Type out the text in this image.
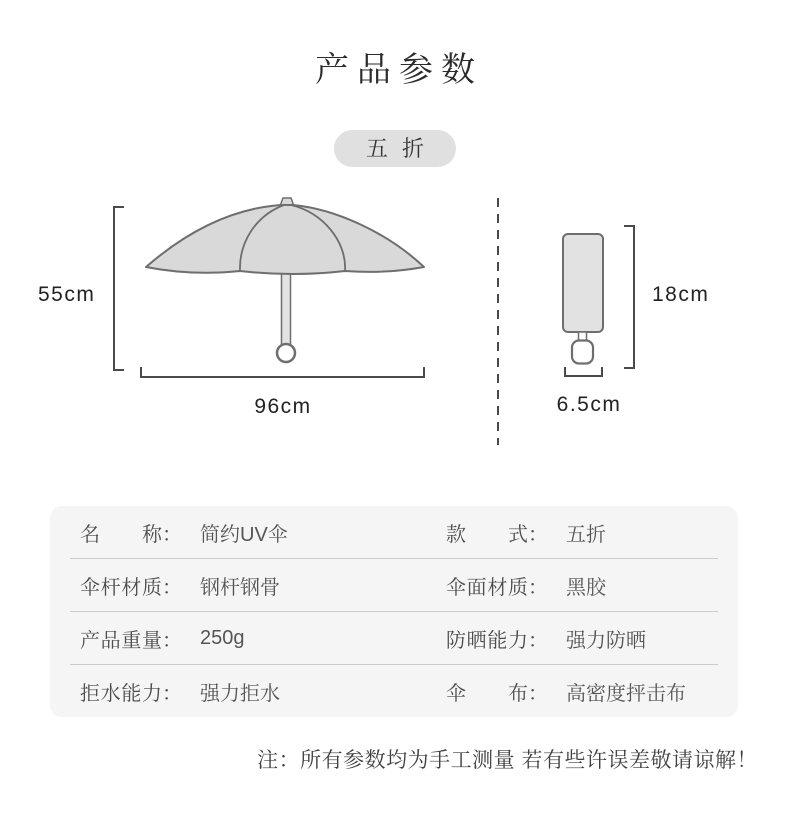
产品参数
五 折
55cm
96cm
18cm
6.5cm
名 称 ： 简约UV伞	款 式 ： 五折
伞 杆 材 质 ： 钢杆钢骨	伞 面 材 质 ： 黑胶
产 品 重 量 ： 250g	防 晒 能 力 ： 强力防晒
拒 水 能 力 ： 强力拒水	伞 布 ： 高密度抨击布
注：所有参数均为手工测量 若有些许误差敬请谅解！
